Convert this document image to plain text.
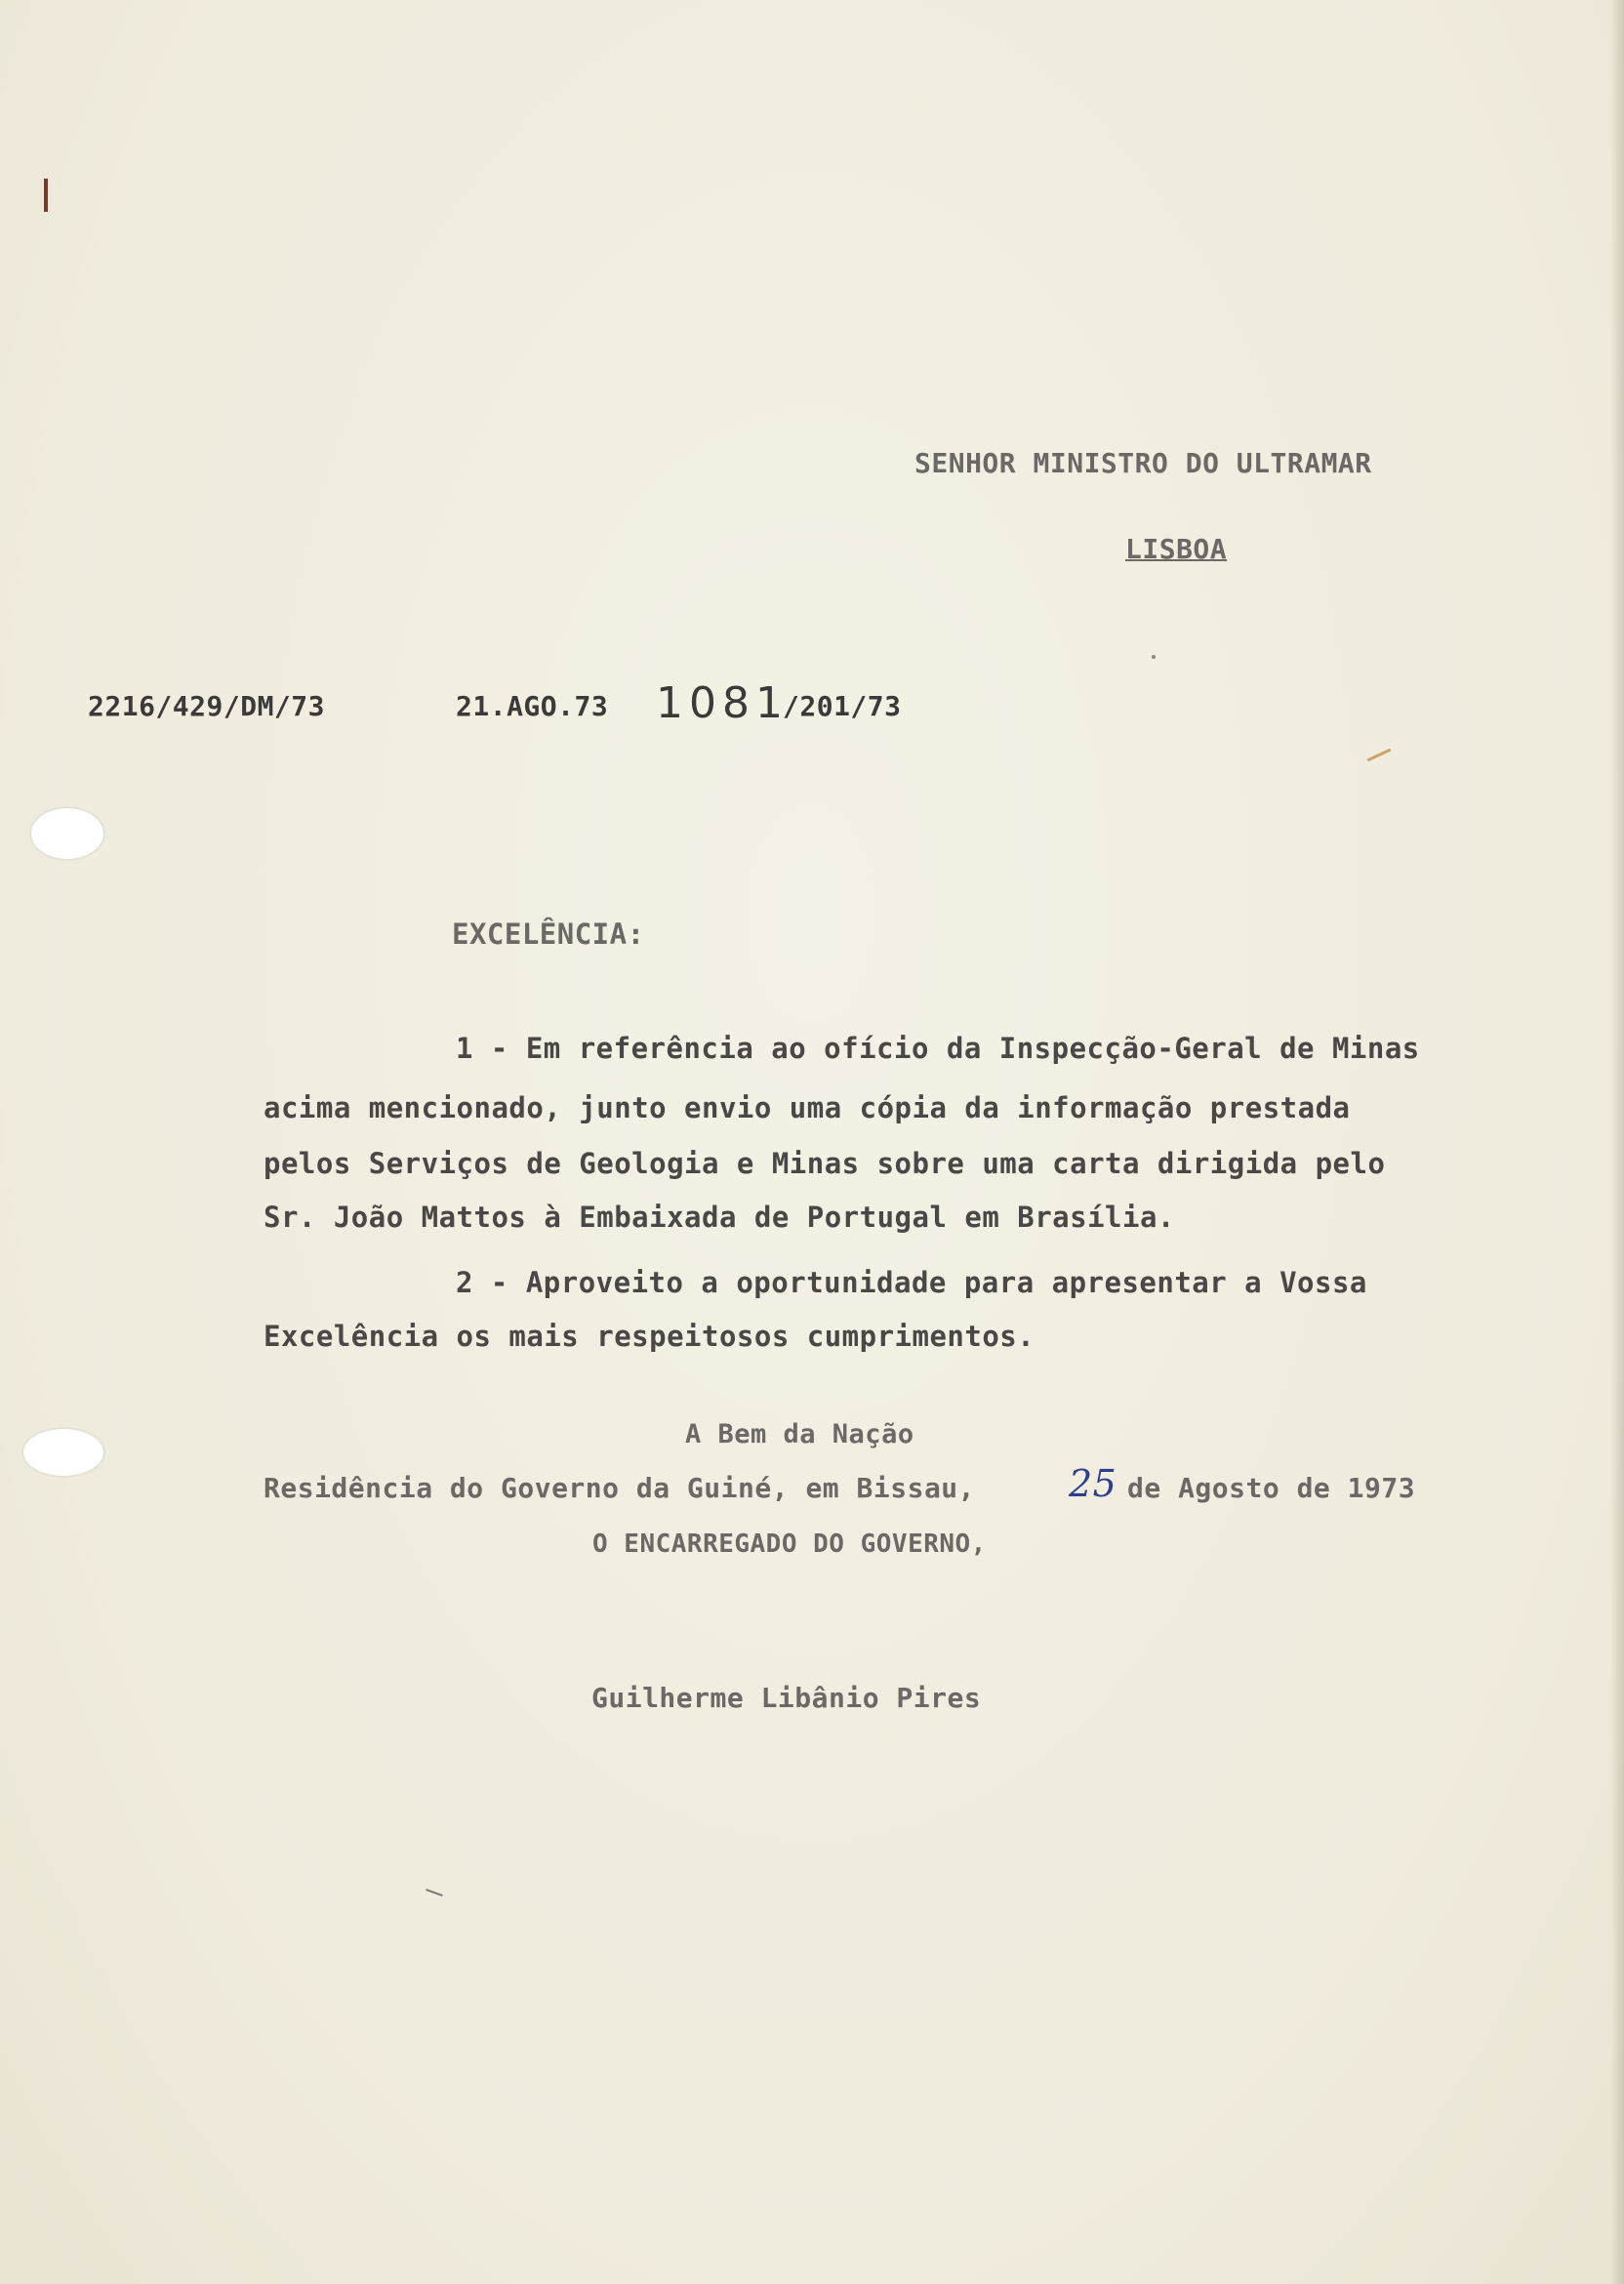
SENHOR MINISTRO DO ULTRAMAR
LISBOA
2216/429/DM/73	21.AGO.73 1081
/201/73
EXCELÊNCIA:
1 - Em referência ao ofício da Inspecção-Geral de Minas
acima mencionado, junto envio uma cópia da informação prestada
pelos Serviços de Geologia e Minas sobre uma carta dirigida pelo
Sr. João Mattos à Embaixada de Portugal em Brasília.
2 - Aproveito a oportunidade para apresentar a Vossa
Excelência os mais respeitosos cumprimentos.
A Bem da Nação
Residência do Governo da Guiné, em Bissau,	25 de Agosto de 1973
O ENCARREGADO DO GOVERNO,
Guilherme Libânio Pires
